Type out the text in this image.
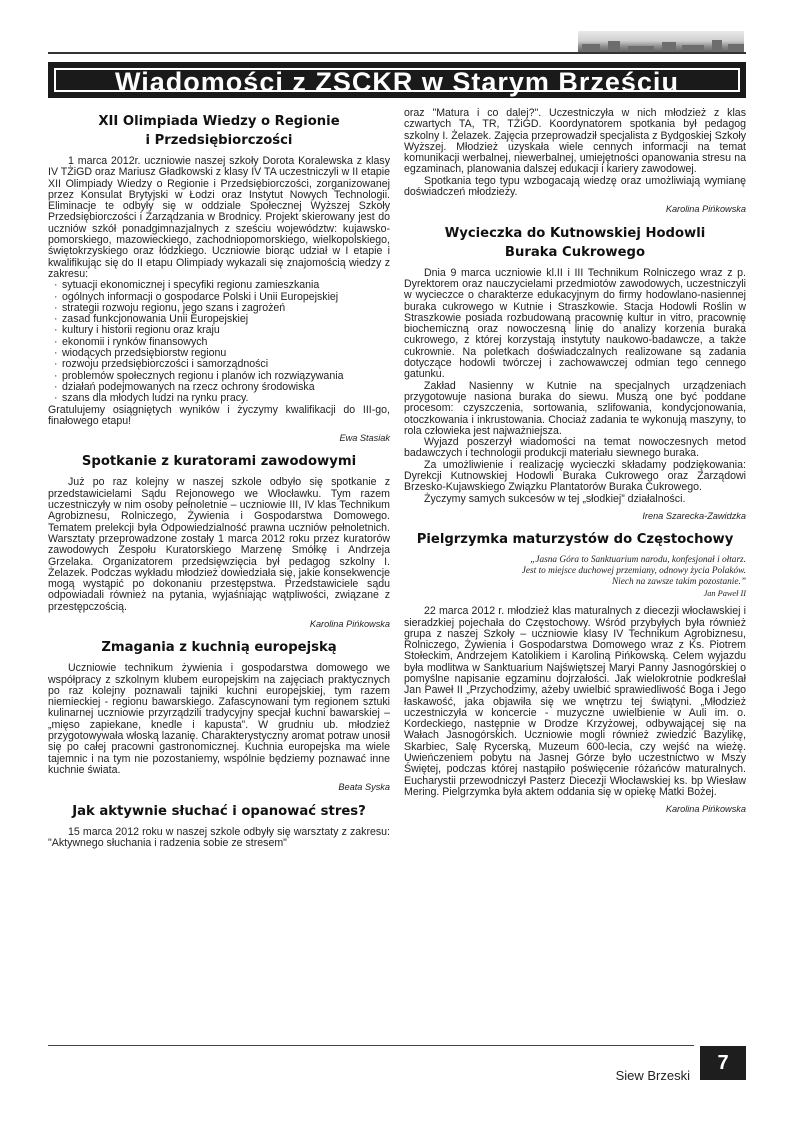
Wiadomości z ZSCKR w Starym Brześciu
XII Olimpiada Wiedzy o Regionie
i Przedsiębiorczości

1 marca 2012r. uczniowie naszej szkoły Dorota Koralewska z klasy IV TŻiGD oraz Mariusz Gładkowski z klasy IV TA uczestniczyli w II etapie XII Olimpiady Wiedzy o Regionie i Przedsiębiorczości, zorganizowanej przez Konsulat Brytyjski w Łodzi oraz Instytut Nowych Technologii. Eliminacje te odbyły się w oddziale Społecznej Wyższej Szkoły Przedsiębiorczości i Zarządzania w Brodnicy. Projekt skierowany jest do uczniów szkół ponadgimnazjalnych z sześciu województw: kujawsko-pomorskiego, mazowieckiego, zachodniopomorskiego, wielkopolskiego, świętokrzyskiego oraz łódzkiego. Uczniowie biorąc udział w I etapie i kwalifikując się do II etapu Olimpiady wykazali się znajomością wiedzy z zakresu:

· sytuacji ekonomicznej i specyfiki regionu zamieszkania
· ogólnych informacji o gospodarce Polski i Unii Europejskiej
· strategii rozwoju regionu, jego szans i zagrożeń
· zasad funkcjonowania Unii Europejskiej
· kultury i historii regionu oraz kraju
· ekonomii i rynków finansowych
· wiodących przedsiębiorstw regionu
· rozwoju przedsiębiorczości i samorządności
· problemów społecznych regionu i planów ich rozwiązywania
· działań podejmowanych na rzecz ochrony środowiska
· szans dla młodych ludzi na rynku pracy.

Gratulujemy osiągniętych wyników i życzymy kwalifikacji do III-go, finałowego etapu!

Ewa Stasiak
Spotkanie z kuratorami zawodowymi

Już po raz kolejny w naszej szkole odbyło się spotkanie z przedstawicielami Sądu Rejonowego we Włocławku. Tym razem uczestniczyły w nim osoby pełnoletnie – uczniowie III, IV klas Technikum Agrobiznesu, Rolniczego, Żywienia i Gospodarstwa Domowego. Tematem prelekcji była Odpowiedzialność prawna uczniów pełnoletnich. Warsztaty przeprowadzone zostały 1 marca 2012 roku przez kuratorów zawodowych Zespołu Kuratorskiego Marzenę Smółkę i Andrzeja Grzelaka. Organizatorem przedsięwzięcia był pedagog szkolny I. Żelazek. Podczas wykładu młodzież dowiedziała się, jakie konsekwencje mogą wystąpić po dokonaniu przestępstwa. Przedstawiciele sądu odpowiadali również na pytania, wyjaśniając wątpliwości, związane z przestępczością.

Karolina Pińkowska
Zmagania z kuchnią europejską

Uczniowie technikum żywienia i gospodarstwa domowego we współpracy z szkolnym klubem europejskim na zajęciach praktycznych po raz kolejny poznawali tajniki kuchni europejskiej, tym razem niemieckiej - regionu bawarskiego. Zafascynowani tym regionem sztuki kulinarnej uczniowie przyrządzili tradycyjny specjał kuchni bawarskiej – „mięso zapiekane, knedle i kapusta”. W grudniu ub. młodzież przygotowywała włoską lazanię. Charakterystyczny aromat potraw unosił się po całej pracowni gastronomicznej. Kuchnia europejska ma wiele tajemnic i na tym nie pozostaniemy, wspólnie będziemy poznawać inne kuchnie świata.

Beata Syska
Jak aktywnie słuchać i opanować stres?

15 marca 2012 roku w naszej szkole odbyły się warsztaty z zakresu: "Aktywnego słuchania i radzenia sobie ze stresem"

oraz "Matura i co dalej?". Uczestniczyła w nich młodzież z klas czwartych TA, TR, TŻiGD. Koordynatorem spotkania był pedagog szkolny I. Żelazek. Zajęcia przeprowadził specjalista z Bydgoskiej Szkoły Wyższej. Młodzież uzyskała wiele cennych informacji na temat komunikacji werbalnej, niewerbalnej, umiejętności opanowania stresu na egzaminach, planowania dalszej edukacji i kariery zawodowej.

Spotkania tego typu wzbogacają wiedzę oraz umożliwiają wymianę doświadczeń młodzieży.

Karolina Pińkowska
Wycieczka do Kutnowskiej Hodowli
Buraka Cukrowego

Dnia 9 marca uczniowie kl.II i III Technikum Rolniczego wraz z p. Dyrektorem oraz nauczycielami przedmiotów zawodowych, uczestniczyli w wycieczce o charakterze edukacyjnym do firmy hodowlano-nasiennej buraka cukrowego w Kutnie i Straszkowie. Stacja Hodowli Roślin w Straszkowie posiada rozbudowaną pracownię kultur in vitro, pracownię biochemiczną oraz nowoczesną linię do analizy korzenia buraka cukrowego, z której korzystają instytuty naukowo-badawcze, a także cukrownie. Na poletkach doświadczalnych realizowane są zadania dotyczące hodowli twórczej i zachowawczej odmian tego cennego gatunku.

Zakład Nasienny w Kutnie na specjalnych urządzeniach przygotowuje nasiona buraka do siewu. Muszą one być poddane procesom: czyszczenia, sortowania, szlifowania, kondycjonowania, otoczkowania i inkrustowania. Chociaż zadania te wykonują maszyny, to rola człowieka jest najważniejsza.

Wyjazd poszerzył wiadomości na temat nowoczesnych metod badawczych i technologii produkcji materiału siewnego buraka.

Za umożliwienie i realizację wycieczki składamy podziękowania: Dyrekcji Kutnowskiej Hodowli Buraka Cukrowego oraz Zarządowi Brzesko-Kujawskiego Związku Plantatorów Buraka Cukrowego.

Życzymy samych sukcesów w tej „słodkiej” działalności.

Irena Szarecka-Zawidzka
Pielgrzymka maturzystów do Częstochowy
„Jasna Góra to Sanktuarium narodu, konfesjonał i ołtarz.
Jest to miejsce duchowej przemiany, odnowy życia Polaków.
Niech na zawsze takim pozostanie.”
Jan Paweł II

22 marca 2012 r. młodzież klas maturalnych z diecezji włocławskiej i sieradzkiej pojechała do Częstochowy. Wśród przybyłych była również grupa z naszej Szkoły – uczniowie klasy IV Technikum Agrobiznesu, Rolniczego, Żywienia i Gospodarstwa Domowego wraz z Ks. Piotrem Stołeckim, Andrzejem Katolikiem i Karoliną Pińkowską. Celem wyjazdu była modlitwa w Sanktuarium Najświętszej Maryi Panny Jasnogórskiej o pomyślne napisanie egzaminu dojrzałości. Jak wielokrotnie podkreślał Jan Paweł II „Przychodzimy, ażeby uwielbić sprawiedliwość Boga i Jego łaskawość, jaka objawiła się we wnętrzu tej świątyni. „Młodzież uczestniczyła w koncercie - muzyczne uwielbienie w Auli im. o. Kordeckiego, następnie w Drodze Krzyżowej, odbywającej się na Wałach Jasnogórskich. Uczniowie mogli również zwiedzić Bazylikę, Skarbiec, Salę Rycerską, Muzeum 600-lecia, czy wejść na wieżę. Uwieńczeniem pobytu na Jasnej Górze było uczestnictwo w Mszy Świętej, podczas której nastąpiło poświęcenie różańców maturalnych. Eucharystii przewodniczył Pasterz Diecezji Włocławskiej ks. bp Wiesław Mering. Pielgrzymka była aktem oddania się w opiekę Matki Bożej.

Karolina Pińkowska
Siew Brzeski
7
